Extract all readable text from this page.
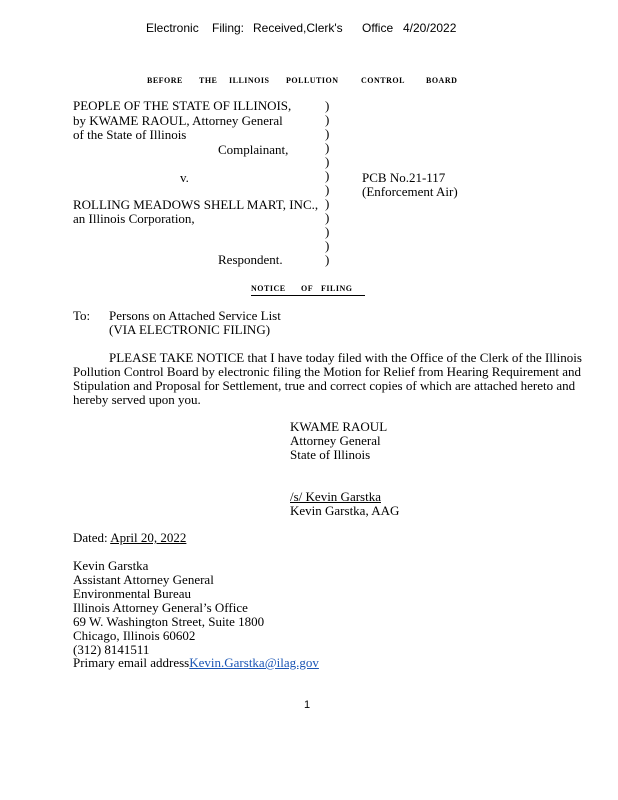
Electronic Filing: Received,Clerk's Office 4/20/2022
BEFORE THE ILLINOIS POLLUTION	CONTROL	BOARD
PEOPLE OF THE STATE OF ILLINOIS,
by KWAME RAOUL, Attorney General
of the State of Illinois
Complainant,
v.
ROLLING MEADOWS SHELL MART, INC.,
an Illinois Corporation,
Respondent.
)
)
)
)
)
)
)
)
)
)
)
)
PCB No.21-117
(Enforcement Air)
NOTICE OF FILING
To: Persons on Attached Service List
(VIA ELECTRONIC FILING)
PLEASE TAKE NOTICE that I have today filed with the Office of the Clerk of the Illinois
Pollution Control Board by electronic filing the Motion for Relief from Hearing Requirement and
Stipulation and Proposal for Settlement, true and correct copies of which are attached hereto and
hereby served upon you.
KWAME RAOUL
Attorney General
State of Illinois
/s/ Kevin Garstka
Kevin Garstka, AAG
Dated: April 20, 2022
Kevin Garstka
Assistant Attorney General
Environmental Bureau
Illinois Attorney General’s Office
69 W. Washington Street, Suite 1800
Chicago, Illinois 60602
(312) 8141511
Primary email addressKevin.Garstka@ilag.gov
1
